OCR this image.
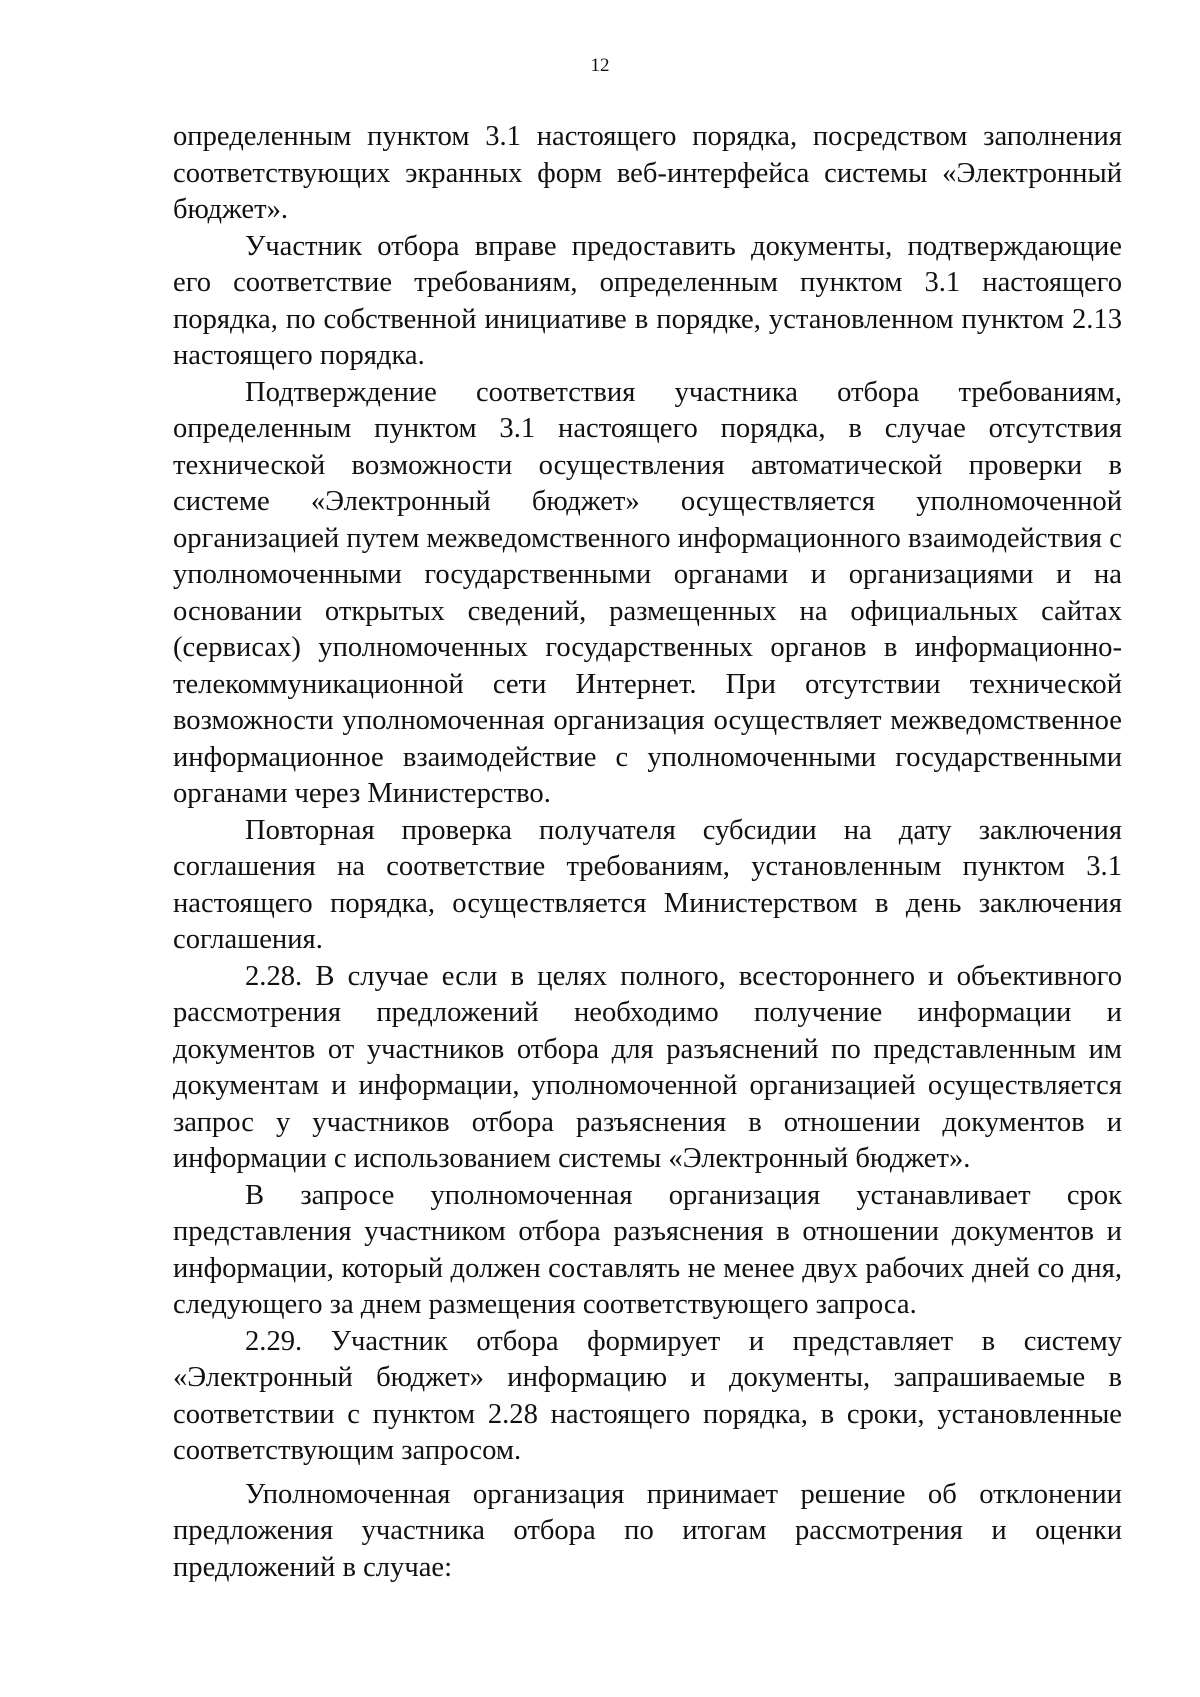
12

определенным пунктом 3.1 настоящего порядка, посредством заполнения соответствующих экранных форм веб-интерфейса системы «Электронный бюджет».

Участник отбора вправе предоставить документы, подтверждающие его соответствие требованиям, определенным пунктом 3.1 настоящего порядка, по собственной инициативе в порядке, установленном пунктом 2.13 настоящего порядка.

Подтверждение соответствия участника отбора требованиям, определенным пунктом 3.1 настоящего порядка, в случае отсутствия технической возможности осуществления автоматической проверки в системе «Электронный бюджет» осуществляется уполномоченной организацией путем межведомственного информационного взаимодействия с уполномоченными государственными органами и организациями и на основании открытых сведений, размещенных на официальных сайтах (сервисах) уполномоченных государственных органов в информационно-телекоммуникационной сети Интернет. При отсутствии технической возможности уполномоченная организация осуществляет межведомственное информационное взаимодействие с уполномоченными государственными органами через Министерство.

Повторная проверка получателя субсидии на дату заключения соглашения на соответствие требованиям, установленным пунктом 3.1 настоящего порядка, осуществляется Министерством в день заключения соглашения.

2.28. В случае если в целях полного, всестороннего и объективного рассмотрения предложений необходимо получение информации и документов от участников отбора для разъяснений по представленным им документам и информации, уполномоченной организацией осуществляется запрос у участников отбора разъяснения в отношении документов и информации с использованием системы «Электронный бюджет».

В запросе уполномоченная организация устанавливает срок представления участником отбора разъяснения в отношении документов и информации, который должен составлять не менее двух рабочих дней со дня, следующего за днем размещения соответствующего запроса.

2.29. Участник отбора формирует и представляет в систему «Электронный бюджет» информацию и документы, запрашиваемые в соответствии с пунктом 2.28 настоящего порядка, в сроки, установленные соответствующим запросом.

Уполномоченная организация принимает решение об отклонении предложения участника отбора по итогам рассмотрения и оценки предложений в случае:
